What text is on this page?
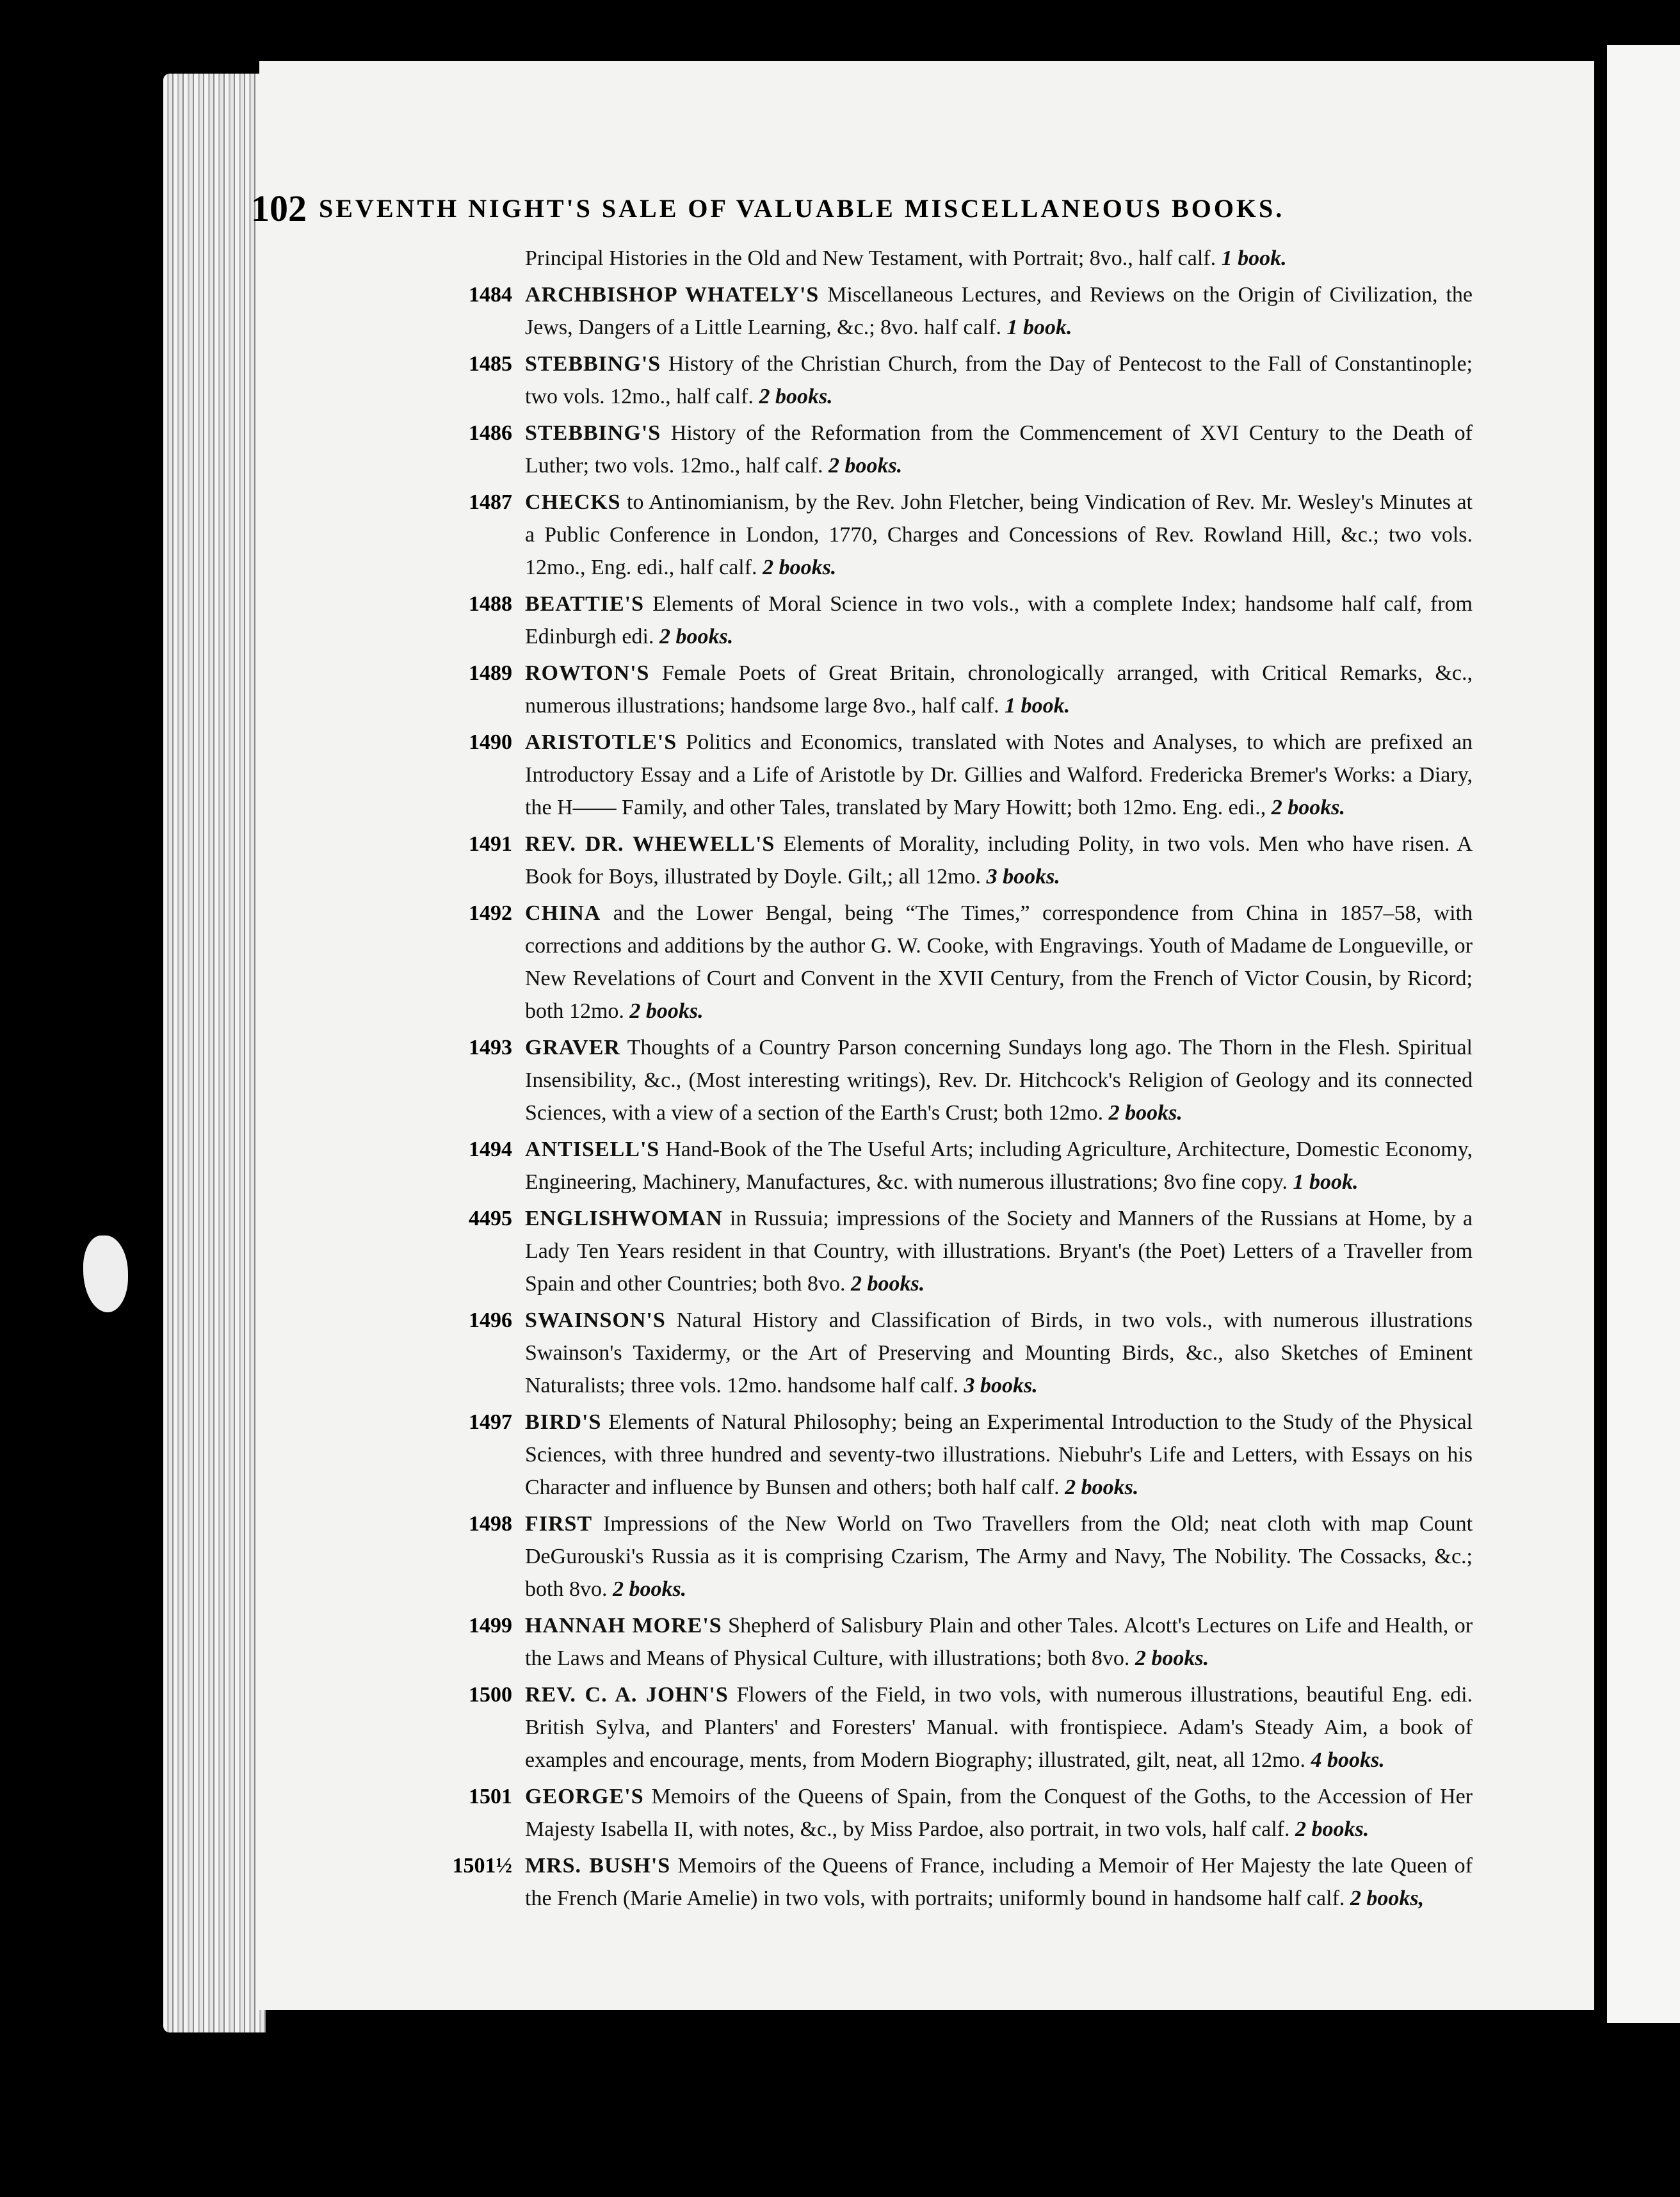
102 SEVENTH NIGHT'S SALE OF VALUABLE MISCELLANEOUS BOOKS.
Principal Histories in the Old and New Testament, with Portrait; 8vo., half calf. 1 book.
1484 ARCHBISHOP WHATELY'S Miscellaneous Lectures, and Reviews on the Origin of Civilization, the Jews, Dangers of a Little Learning, &c.; 8vo. half calf. 1 book.
1485 STEBBING'S History of the Christian Church, from the Day of Pentecost to the Fall of Constantinople; two vols. 12mo., half calf. 2 books.
1486 STEBBING'S History of the Reformation from the Commencement of XVI Century to the Death of Luther; two vols. 12mo., half calf. 2 books.
1487 CHECKS to Antinomianism, by the Rev. John Fletcher, being Vindication of Rev. Mr. Wesley's Minutes at a Public Conference in London, 1770, Charges and Concessions of Rev. Rowland Hill, &c.; two vols. 12mo., Eng. edi., half calf. 2 books.
1488 BEATTIE'S Elements of Moral Science in two vols., with a complete Index; handsome half calf, from Edinburgh edi. 2 books.
1489 ROWTON'S Female Poets of Great Britain, chronologically arranged, with Critical Remarks, &c., numerous illustrations; handsome large 8vo., half calf. 1 book.
1490 ARISTOTLE'S Politics and Economics, translated with Notes and Analyses, to which are prefixed an Introductory Essay and a Life of Aristotle by Dr. Gillies and Walford. Fredericka Bremer's Works: a Diary, the H—— Family, and other Tales, translated by Mary Howitt; both 12mo. Eng. edi., 2 books.
1491 REV. DR. WHEWELL'S Elements of Morality, including Polity, in two vols. Men who have risen. A Book for Boys, illustrated by Doyle. Gilt,; all 12mo. 3 books.
1492 CHINA and the Lower Bengal, being “The Times,” correspondence from China in 1857–58, with corrections and additions by the author G. W. Cooke, with Engravings. Youth of Madame de Longueville, or New Revelations of Court and Convent in the XVII Century, from the French of Victor Cousin, by Ricord; both 12mo. 2 books.
1493 GRAVER Thoughts of a Country Parson concerning Sundays long ago. The Thorn in the Flesh. Spiritual Insensibility, &c., (Most interesting writings), Rev. Dr. Hitchcock's Religion of Geology and its connected Sciences, with a view of a section of the Earth's Crust; both 12mo. 2 books.
1494 ANTISELL'S Hand-Book of the The Useful Arts; including Agriculture, Architecture, Domestic Economy, Engineering, Machinery, Manufactures, &c. with numerous illustrations; 8vo fine copy. 1 book.
4495 ENGLISHWOMAN in Russuia; impressions of the Society and Manners of the Russians at Home, by a Lady Ten Years resident in that Country, with illustrations. Bryant's (the Poet) Letters of a Traveller from Spain and other Countries; both 8vo. 2 books.
1496 SWAINSON'S Natural History and Classification of Birds, in two vols., with numerous illustrations Swainson's Taxidermy, or the Art of Preserving and Mounting Birds, &c., also Sketches of Eminent Naturalists; three vols. 12mo. handsome half calf. 3 books.
1497 BIRD'S Elements of Natural Philosophy; being an Experimental Introduction to the Study of the Physical Sciences, with three hundred and seventy-two illustrations. Niebuhr's Life and Letters, with Essays on his Character and influence by Bunsen and others; both half calf. 2 books.
1498 FIRST Impressions of the New World on Two Travellers from the Old; neat cloth with map Count DeGurouski's Russia as it is comprising Czarism, The Army and Navy, The Nobility. The Cossacks, &c.; both 8vo. 2 books.
1499 HANNAH MORE'S Shepherd of Salisbury Plain and other Tales. Alcott's Lectures on Life and Health, or the Laws and Means of Physical Culture, with illustrations; both 8vo. 2 books.
1500 REV. C. A. JOHN'S Flowers of the Field, in two vols, with numerous illustrations, beautiful Eng. edi. British Sylva, and Planters' and Foresters' Manual. with frontispiece. Adam's Steady Aim, a book of examples and encourage, ments, from Modern Biography; illustrated, gilt, neat, all 12mo. 4 books.
1501 GEORGE'S Memoirs of the Queens of Spain, from the Conquest of the Goths, to the Accession of Her Majesty Isabella II, with notes, &c., by Miss Pardoe, also portrait, in two vols, half calf. 2 books.
1501½ MRS. BUSH'S Memoirs of the Queens of France, including a Memoir of Her Majesty the late Queen of the French (Marie Amelie) in two vols, with portraits; uniformly bound in handsome half calf. 2 books,
